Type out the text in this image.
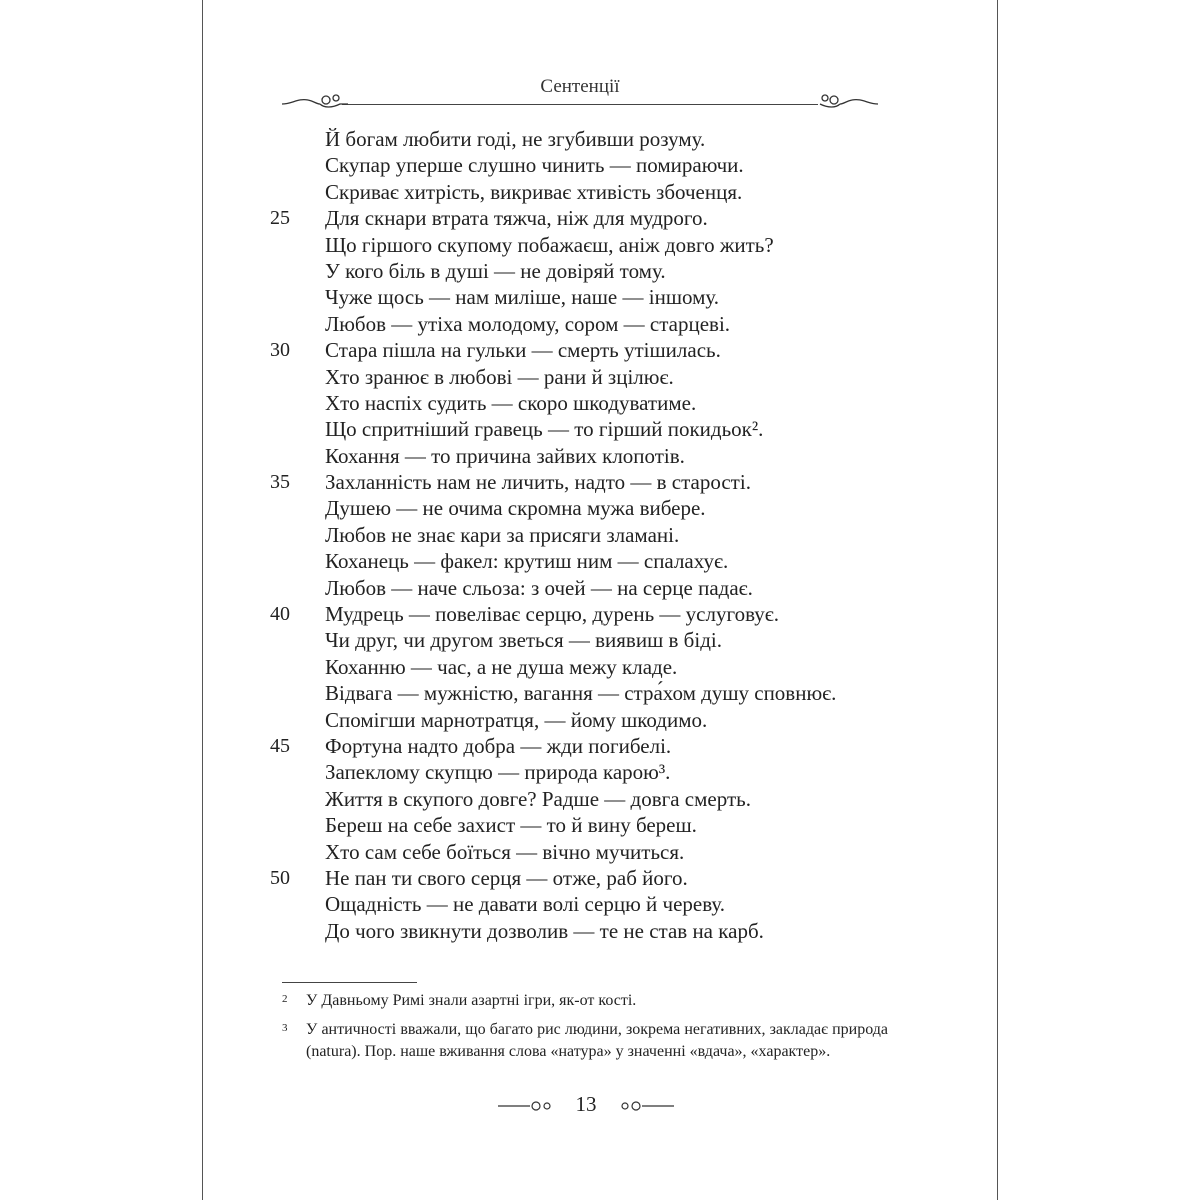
Сентенції
Й богам любити годі, не згубивши розуму.
Скупар уперше слушно чинить — помираючи.
Скриває хитрість, викриває хтивість збоченця.
25	Для скнари втрата тяжча, ніж для мудрого.
Що гіршого скупому побажаєш, аніж довго жить?
У кого біль в душі — не довіряй тому.
Чуже щось — нам миліше, наше — іншому.
Любов — утіха молодому, сором — старцеві.
30	Стара пішла на гульки — смерть утішилась.
Хто зранює в любові — рани й зцілює.
Хто наспіх судить — скоро шкодуватиме.
Що спритніший гравець — то гірший покидьок².
Кохання — то причина зайвих клопотів.
35	Захланність нам не личить, надто — в старості.
Душею — не очима скромна мужа вибере.
Любов не знає кари за присяги зламані.
Коханець — факел: крутиш ним — спалахує.
Любов — наче сльоза: з очей — на серце падає.
40	Мудрець — повелiває серцю, дурень — услуговує.
Чи друг, чи другом зветься — виявиш в біді.
Коханню — час, а не душа межу кладе.
Відвага — мужністю, вагання — стра́хом душу сповнює.
Спомігши марнотратця, — йому шкодимо.
45	Фортуна надто добра — жди погибелі.
Запеклому скупцю — природа карою³.
Життя в скупого довге? Радше — довга смерть.
Береш на себе захист — то й вину береш.
Хто сам себе боїться — вічно мучиться.
50	Не пан ти свого серця — отже, раб його.
Ощадність — не давати волі серцю й череву.
До чого звикнути дозволив — те не став на карб.
2 У Давньому Римі знали азартні ігри, як-от кості.
3 У античності вважали, що багато рис людини, зокрема негативних, закладає природа (natura). Пор. наше вживання слова «натура» у значенні «вдача», «характер».
13
